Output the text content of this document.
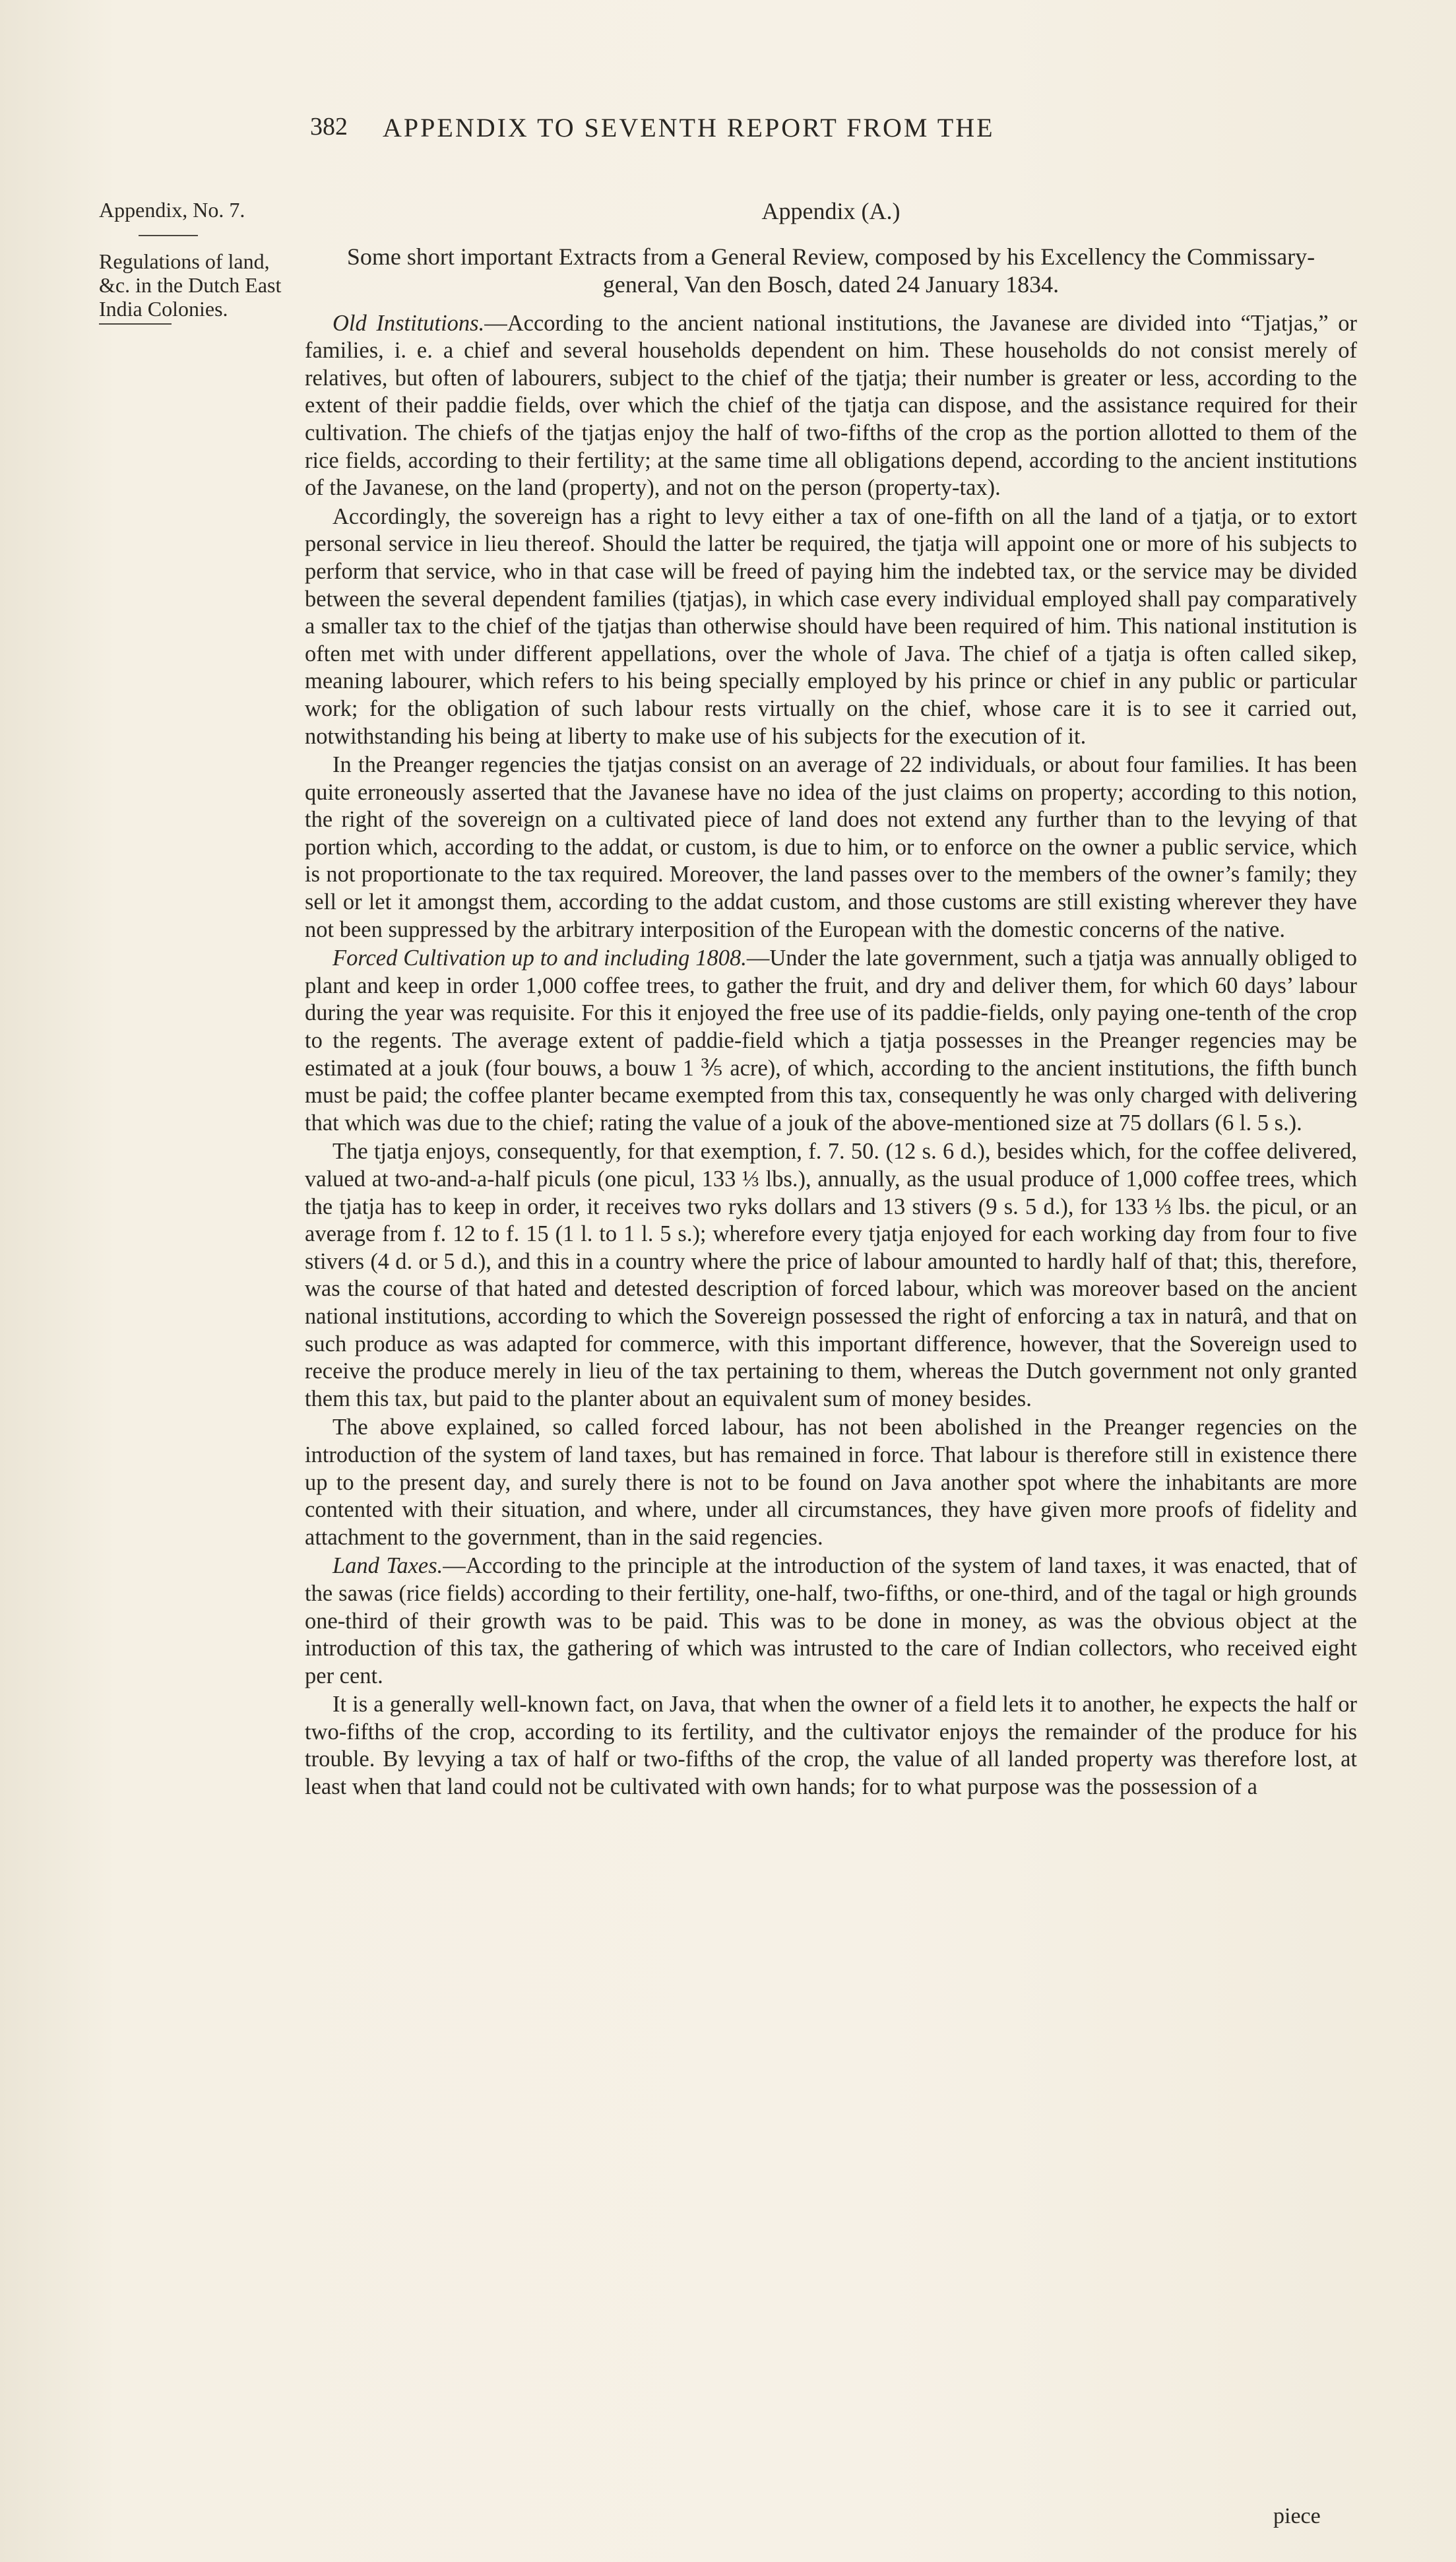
382 APPENDIX TO SEVENTH REPORT FROM THE

Appendix, No. 7.

Regulations of land, &c. in the Dutch East India Colonies.

Appendix (A.)
Some short important Extracts from a General Review, composed by his Excellency the Commissary-general, Van den Bosch, dated 24 January 1834.

Old Institutions.—According to the ancient national institutions, the Javanese are divided into “Tjatjas,” or families, i. e. a chief and several households dependent on him. These households do not consist merely of relatives, but often of labourers, subject to the chief of the tjatja; their number is greater or less, according to the extent of their paddie fields, over which the chief of the tjatja can dispose, and the assistance required for their cultivation. The chiefs of the tjatjas enjoy the half of two-fifths of the crop as the portion allotted to them of the rice fields, according to their fertility; at the same time all obligations depend, according to the ancient institutions of the Javanese, on the land (property), and not on the person (property-tax).

Accordingly, the sovereign has a right to levy either a tax of one-fifth on all the land of a tjatja, or to extort personal service in lieu thereof. Should the latter be required, the tjatja will appoint one or more of his subjects to perform that service, who in that case will be freed of paying him the indebted tax, or the service may be divided between the several dependent families (tjatjas), in which case every individual employed shall pay comparatively a smaller tax to the chief of the tjatjas than otherwise should have been required of him. This national institution is often met with under different appellations, over the whole of Java. The chief of a tjatja is often called sikep, meaning labourer, which refers to his being specially employed by his prince or chief in any public or particular work; for the obligation of such labour rests virtually on the chief, whose care it is to see it carried out, notwithstanding his being at liberty to make use of his subjects for the execution of it.

In the Preanger regencies the tjatjas consist on an average of 22 individuals, or about four families. It has been quite erroneously asserted that the Javanese have no idea of the just claims on property; according to this notion, the right of the sovereign on a cultivated piece of land does not extend any further than to the levying of that portion which, according to the addat, or custom, is due to him, or to enforce on the owner a public service, which is not proportionate to the tax required. Moreover, the land passes over to the members of the owner’s family; they sell or let it amongst them, according to the addat custom, and those customs are still existing wherever they have not been suppressed by the arbitrary interposition of the European with the domestic concerns of the native.

Forced Cultivation up to and including 1808.—Under the late government, such a tjatja was annually obliged to plant and keep in order 1,000 coffee trees, to gather the fruit, and dry and deliver them, for which 60 days’ labour during the year was requisite. For this it enjoyed the free use of its paddie-fields, only paying one-tenth of the crop to the regents. The average extent of paddie-field which a tjatja possesses in the Preanger regencies may be estimated at a jouk (four bouws, a bouw 1 ⅗ acre), of which, according to the ancient institutions, the fifth bunch must be paid; the coffee planter became exempted from this tax, consequently he was only charged with delivering that which was due to the chief; rating the value of a jouk of the above-mentioned size at 75 dollars (6 l. 5 s.).

The tjatja enjoys, consequently, for that exemption, f. 7. 50. (12 s. 6 d.), besides which, for the coffee delivered, valued at two-and-a-half piculs (one picul, 133 ⅓ lbs.), annually, as the usual produce of 1,000 coffee trees, which the tjatja has to keep in order, it receives two ryks dollars and 13 stivers (9 s. 5 d.), for 133 ⅓ lbs. the picul, or an average from f. 12 to f. 15 (1 l. to 1 l. 5 s.); wherefore every tjatja enjoyed for each working day from four to five stivers (4 d. or 5 d.), and this in a country where the price of labour amounted to hardly half of that; this, therefore, was the course of that hated and detested description of forced labour, which was moreover based on the ancient national institutions, according to which the Sovereign possessed the right of enforcing a tax in naturâ, and that on such produce as was adapted for commerce, with this important difference, however, that the Sovereign used to receive the produce merely in lieu of the tax pertaining to them, whereas the Dutch government not only granted them this tax, but paid to the planter about an equivalent sum of money besides.

The above explained, so called forced labour, has not been abolished in the Preanger regencies on the introduction of the system of land taxes, but has remained in force. That labour is therefore still in existence there up to the present day, and surely there is not to be found on Java another spot where the inhabitants are more contented with their situation, and where, under all circumstances, they have given more proofs of fidelity and attachment to the government, than in the said regencies.

Land Taxes.—According to the principle at the introduction of the system of land taxes, it was enacted, that of the sawas (rice fields) according to their fertility, one-half, two-fifths, or one-third, and of the tagal or high grounds one-third of their growth was to be paid. This was to be done in money, as was the obvious object at the introduction of this tax, the gathering of which was intrusted to the care of Indian collectors, who received eight per cent.

It is a generally well-known fact, on Java, that when the owner of a field lets it to another, he expects the half or two-fifths of the crop, according to its fertility, and the cultivator enjoys the remainder of the produce for his trouble. By levying a tax of half or two-fifths of the crop, the value of all landed property was therefore lost, at least when that land could not be cultivated with own hands; for to what purpose was the possession of a

piece
